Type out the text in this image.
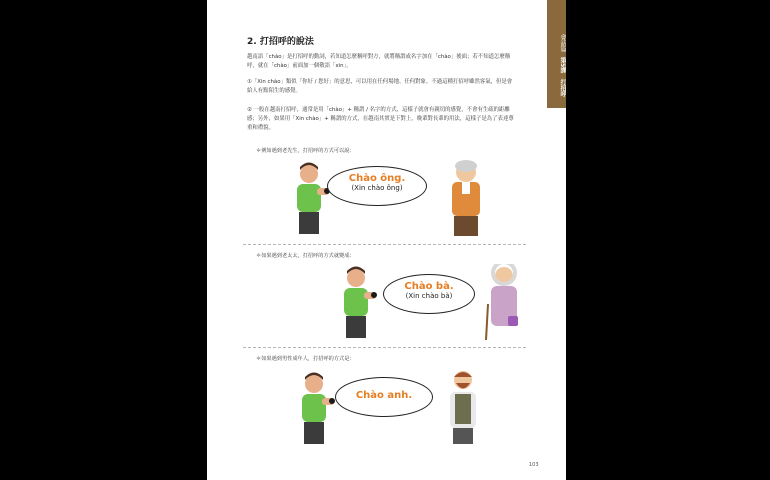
會話篇
第5課
打招呼
2. 打招呼的說法
越南語「chào」是打招呼的動詞，若知道怎麼稱呼對方，就將稱謂或名字加在「chào」後面；若不知道怎麼稱呼，就在「chào」前面加一個敬語「xin」。
①「Xin chào」類似「你好 / 您好」的意思，可以用在任何場地、任何對象。不過這種打招呼雖然客氣，但是會給人有點陌生的感覺。
② 一般在越南打招呼，通常是用「chào」+ 稱謂 / 名字的方式，這樣子就會有親切的感覺，不會有生疏的距離感；另外，如果用「Xin chào」+ 稱謂的方式，在越南其實是下對上，晚輩對長輩的用法，這樣子是為了表達尊重和禮貌。
＊例如遇到老先生，打招呼的方式可以說：
Chào ông.
(Xin chào ông)
＊如果遇到老太太，打招呼的方式就變成：
Chào bà.
(Xin chào bà)
＊如果遇到男性成年人，打招呼的方式是：
Chào anh.
103
